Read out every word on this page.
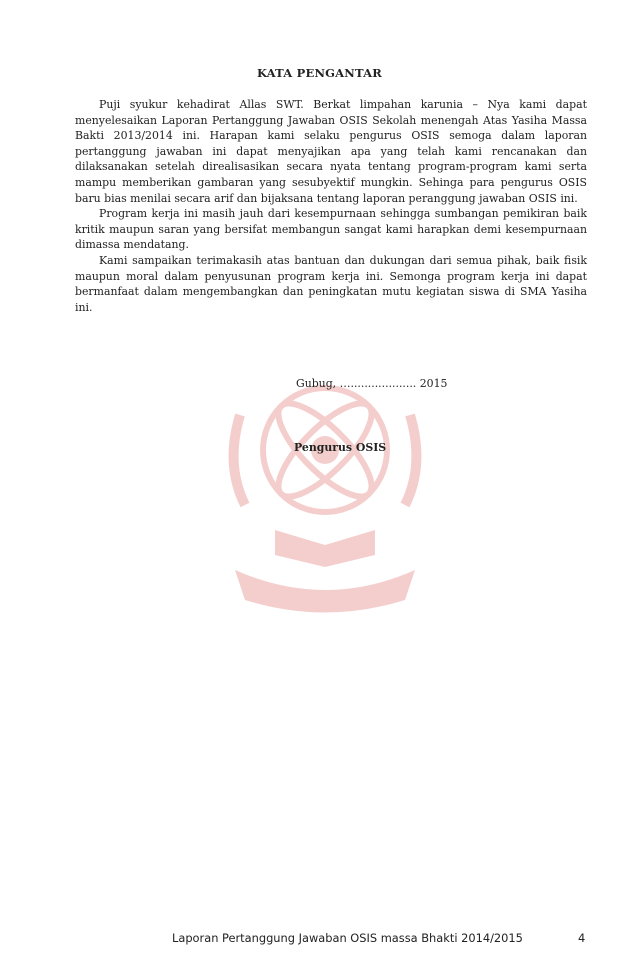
KATA PENGANTAR

Puji syukur kehadirat Allas SWT. Berkat limpahan karunia – Nya kami dapat menyelesaikan Laporan Pertanggung Jawaban OSIS Sekolah menengah Atas Yasiha Massa Bakti 2013/2014 ini. Harapan kami selaku pengurus OSIS semoga dalam laporan pertanggung jawaban ini dapat menyajikan apa yang telah kami rencanakan dan dilaksanakan setelah direalisasikan secara nyata tentang program-program kami serta mampu memberikan gambaran yang sesubyektif mungkin. Sehinga para pengurus OSIS baru bias menilai secara arif dan bijaksana tentang laporan peranggung jawaban OSIS ini.

Program kerja ini masih jauh dari kesempurnaan sehingga sumbangan pemikiran baik kritik maupun saran yang bersifat membangun sangat kami harapkan demi kesempurnaan dimassa mendatang.

Kami sampaikan terimakasih atas bantuan dan dukungan dari semua pihak, baik fisik maupun moral dalam penyusunan program kerja ini. Semonga program kerja ini dapat bermanfaat dalam mengembangkan dan peningkatan mutu kegiatan siswa di SMA Yasiha ini.

Gubug, …................... 2015
Pengurus OSIS
Laporan Pertanggung Jawaban OSIS massa Bhakti 2014/2015	4
